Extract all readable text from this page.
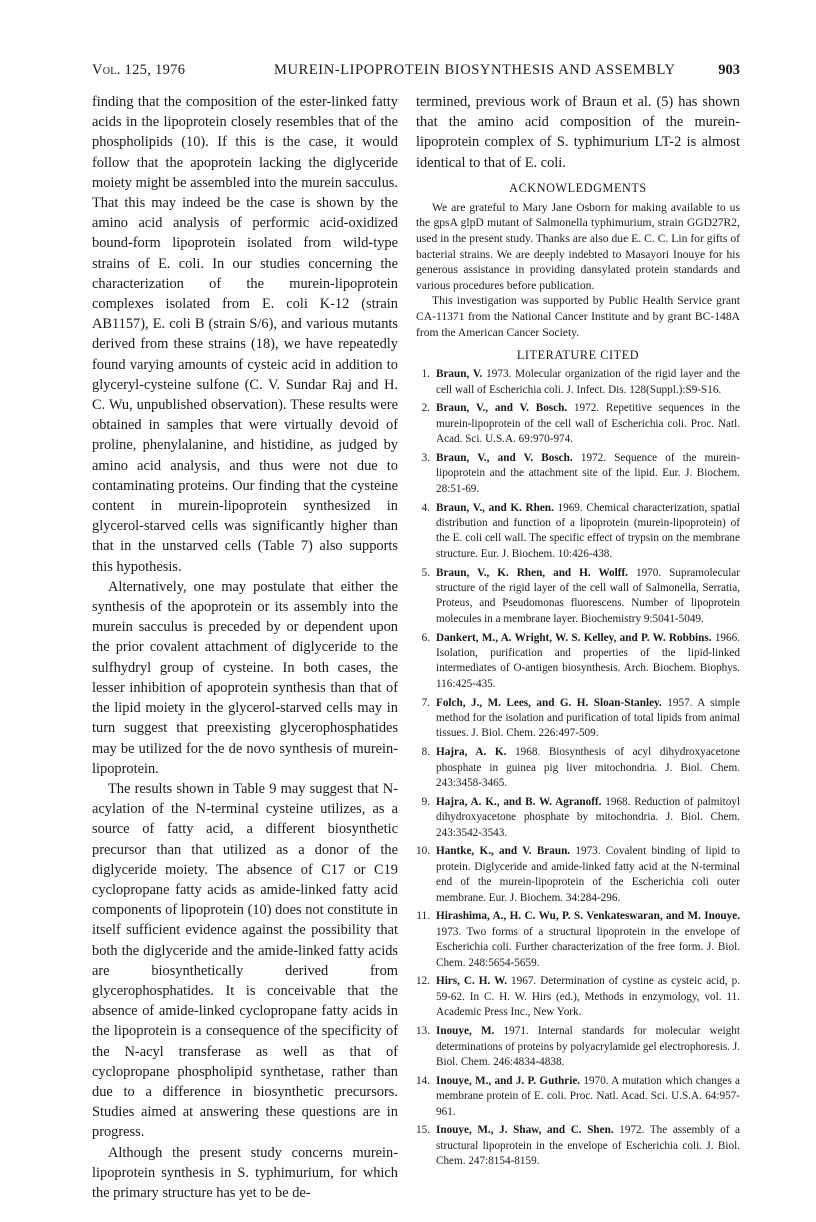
Vol. 125, 1976	MUREIN-LIPOPROTEIN BIOSYNTHESIS AND ASSEMBLY	903

finding that the composition of the ester-linked fatty acids in the lipoprotein closely resembles that of the phospholipids (10). If this is the case, it would follow that the apoprotein lacking the diglyceride moiety might be assembled into the murein sacculus. That this may indeed be the case is shown by the amino acid analysis of performic acid-oxidized bound-form lipoprotein isolated from wild-type strains of E. coli. In our studies concerning the characterization of the murein-lipoprotein complexes isolated from E. coli K-12 (strain AB1157), E. coli B (strain S/6), and various mutants derived from these strains (18), we have repeatedly found varying amounts of cysteic acid in addition to glyceryl-cysteine sulfone (C. V. Sundar Raj and H. C. Wu, unpublished observation). These results were obtained in samples that were virtually devoid of proline, phenylalanine, and histidine, as judged by amino acid analysis, and thus were not due to contaminating proteins. Our finding that the cysteine content in murein-lipoprotein synthesized in glycerol-starved cells was significantly higher than that in the unstarved cells (Table 7) also supports this hypothesis.

Alternatively, one may postulate that either the synthesis of the apoprotein or its assembly into the murein sacculus is preceded by or dependent upon the prior covalent attachment of diglyceride to the sulfhydryl group of cysteine. In both cases, the lesser inhibition of apoprotein synthesis than that of the lipid moiety in the glycerol-starved cells may in turn suggest that preexisting glycerophosphatides may be utilized for the de novo synthesis of murein-lipoprotein.

The results shown in Table 9 may suggest that N-acylation of the N-terminal cysteine utilizes, as a source of fatty acid, a different biosynthetic precursor than that utilized as a donor of the diglyceride moiety. The absence of C17 or C19 cyclopropane fatty acids as amide-linked fatty acid components of lipoprotein (10) does not constitute in itself sufficient evidence against the possibility that both the diglyceride and the amide-linked fatty acids are biosynthetically derived from glycerophosphatides. It is conceivable that the absence of amide-linked cyclopropane fatty acids in the lipoprotein is a consequence of the specificity of the N-acyl transferase as well as that of cyclopropane phospholipid synthetase, rather than due to a difference in biosynthetic precursors. Studies aimed at answering these questions are in progress.

Although the present study concerns murein-lipoprotein synthesis in S. typhimurium, for which the primary structure has yet to be de-

termined, previous work of Braun et al. (5) has shown that the amino acid composition of the murein-lipoprotein complex of S. typhimurium LT-2 is almost identical to that of E. coli.

ACKNOWLEDGMENTS

We are grateful to Mary Jane Osborn for making available to us the gpsA glpD mutant of Salmonella typhimurium, strain GGD27R2, used in the present study. Thanks are also due E. C. C. Lin for gifts of bacterial strains. We are deeply indebted to Masayori Inouye for his generous assistance in providing dansylated protein standards and various procedures before publication.

This investigation was supported by Public Health Service grant CA-11371 from the National Cancer Institute and by grant BC-148A from the American Cancer Society.

LITERATURE CITED
1. Braun, V. 1973. Molecular organization of the rigid layer and the cell wall of Escherichia coli. J. Infect. Dis. 128(Suppl.):S9-S16.
2. Braun, V., and V. Bosch. 1972. Repetitive sequences in the murein-lipoprotein of the cell wall of Escherichia coli. Proc. Natl. Acad. Sci. U.S.A. 69:970-974.
3. Braun, V., and V. Bosch. 1972. Sequence of the murein-lipoprotein and the attachment site of the lipid. Eur. J. Biochem. 28:51-69.
4. Braun, V., and K. Rhen. 1969. Chemical characterization, spatial distribution and function of a lipoprotein (murein-lipoprotein) of the E. coli cell wall. The specific effect of trypsin on the membrane structure. Eur. J. Biochem. 10:426-438.
5. Braun, V., K. Rhen, and H. Wolff. 1970. Supramolecular structure of the rigid layer of the cell wall of Salmonella, Serratia, Proteus, and Pseudomonas fluorescens. Number of lipoprotein molecules in a membrane layer. Biochemistry 9:5041-5049.
6. Dankert, M., A. Wright, W. S. Kelley, and P. W. Robbins. 1966. Isolation, purification and properties of the lipid-linked intermediates of O-antigen biosynthesis. Arch. Biochem. Biophys. 116:425-435.
7. Folch, J., M. Lees, and G. H. Sloan-Stanley. 1957. A simple method for the isolation and purification of total lipids from animal tissues. J. Biol. Chem. 226:497-509.
8. Hajra, A. K. 1968. Biosynthesis of acyl dihydroxyacetone phosphate in guinea pig liver mitochondria. J. Biol. Chem. 243:3458-3465.
9. Hajra, A. K., and B. W. Agranoff. 1968. Reduction of palmitoyl dihydroxyacetone phosphate by mitochondria. J. Biol. Chem. 243:3542-3543.
10. Hantke, K., and V. Braun. 1973. Covalent binding of lipid to protein. Diglyceride and amide-linked fatty acid at the N-terminal end of the murein-lipoprotein of the Escherichia coli outer membrane. Eur. J. Biochem. 34:284-296.
11. Hirashima, A., H. C. Wu, P. S. Venkateswaran, and M. Inouye. 1973. Two forms of a structural lipoprotein in the envelope of Escherichia coli. Further characterization of the free form. J. Biol. Chem. 248:5654-5659.
12. Hirs, C. H. W. 1967. Determination of cystine as cysteic acid, p. 59-62. In C. H. W. Hirs (ed.), Methods in enzymology, vol. 11. Academic Press Inc., New York.
13. Inouye, M. 1971. Internal standards for molecular weight determinations of proteins by polyacrylamide gel electrophoresis. J. Biol. Chem. 246:4834-4838.
14. Inouye, M., and J. P. Guthrie. 1970. A mutation which changes a membrane protein of E. coli. Proc. Natl. Acad. Sci. U.S.A. 64:957-961.
15. Inouye, M., J. Shaw, and C. Shen. 1972. The assembly of a structural lipoprotein in the envelope of Escherichia coli. J. Biol. Chem. 247:8154-8159.
